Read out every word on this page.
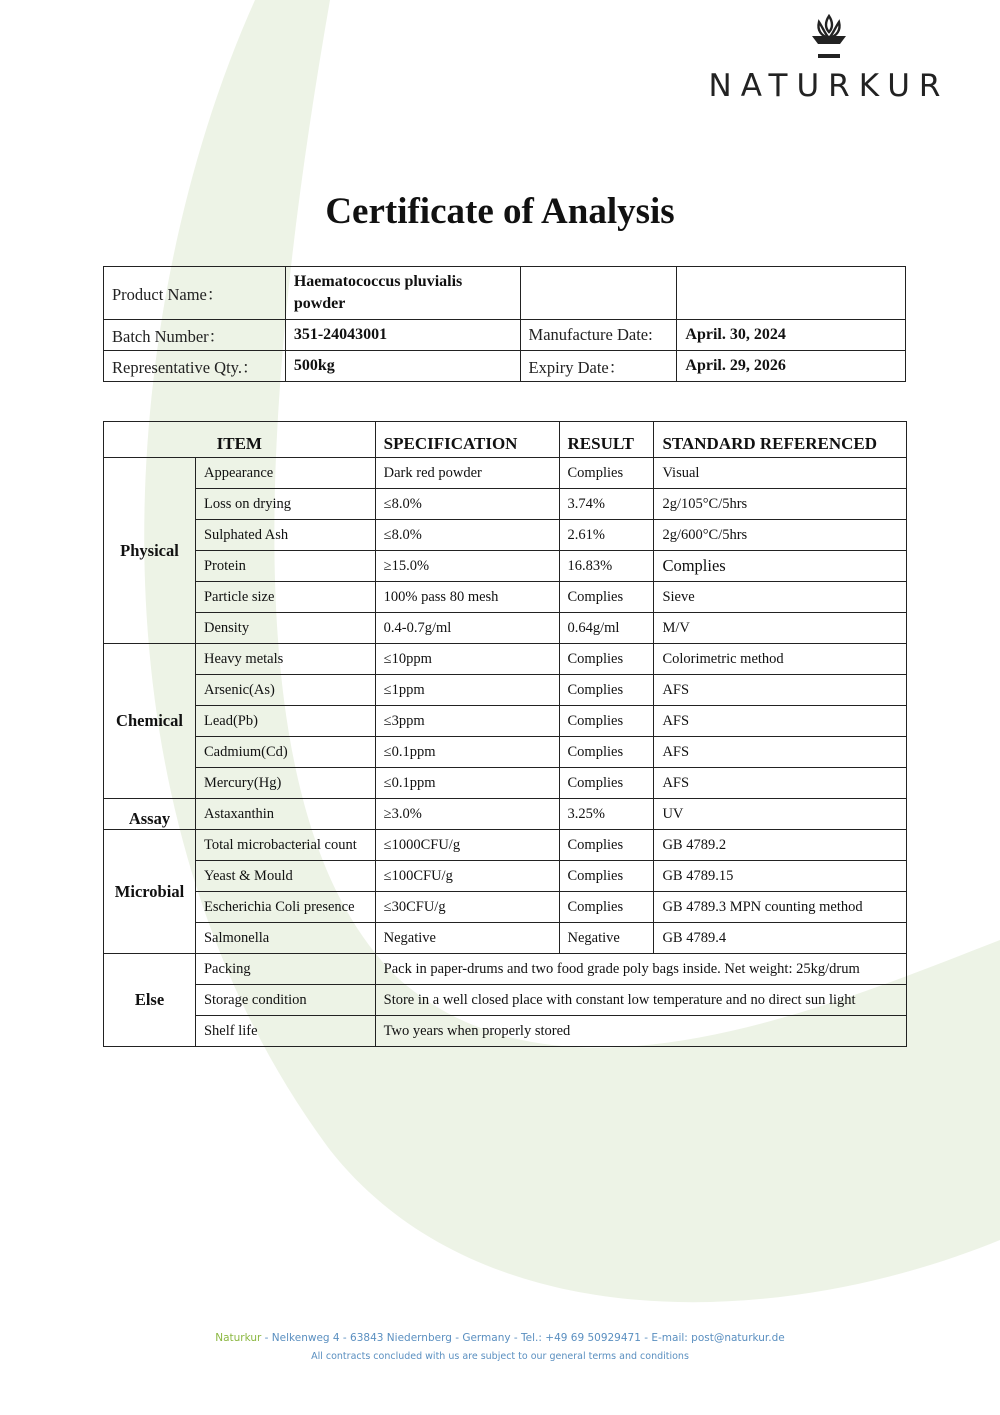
NATURKUR
Certificate of Analysis
Product Name：	Haematococcus pluvialis
powder		
Batch Number：	351-24043001	Manufacture Date:	April. 30, 2024
Representative Qty.：	500kg	Expiry Date：	April. 29, 2026
ITEM		SPECIFICATION	RESULT	STANDARD REFERENCED
Physical	Appearance	Dark red powder	Complies	Visual
	Loss on drying	≤8.0%	3.74%	2g/105°C/5hrs
	Sulphated Ash	≤8.0%	2.61%	2g/600°C/5hrs
	Protein	≥15.0%	16.83%	Complies
	Particle size	100% pass 80 mesh	Complies	Sieve
	Density	0.4-0.7g/ml	0.64g/ml	M/V
Chemical	Heavy metals	≤10ppm	Complies	Colorimetric method
	Arsenic(As)	≤1ppm	Complies	AFS
	Lead(Pb)	≤3ppm	Complies	AFS
	Cadmium(Cd)	≤0.1ppm	Complies	AFS
	Mercury(Hg)	≤0.1ppm	Complies	AFS
Assay	Astaxanthin	≥3.0%	3.25%	UV
Microbial	Total microbacterial count	≤1000CFU/g	Complies	GB 4789.2
	Yeast & Mould	≤100CFU/g	Complies	GB 4789.15
	Escherichia Coli presence	≤30CFU/g	Complies	GB 4789.3 MPN counting method
	Salmonella	Negative	Negative	GB 4789.4
Else	Packing	Pack in paper-drums and two food grade poly bags inside. Net weight: 25kg/drum		
	Storage condition	Store in a well closed place with constant low temperature and no direct sun light		
	Shelf life	Two years when properly stored		
Naturkur - Nelkenweg 4 - 63843 Niedernberg - Germany - Tel.: +49 69 50929471 - E-mail: post@naturkur.de
All contracts concluded with us are subject to our general terms and conditions
